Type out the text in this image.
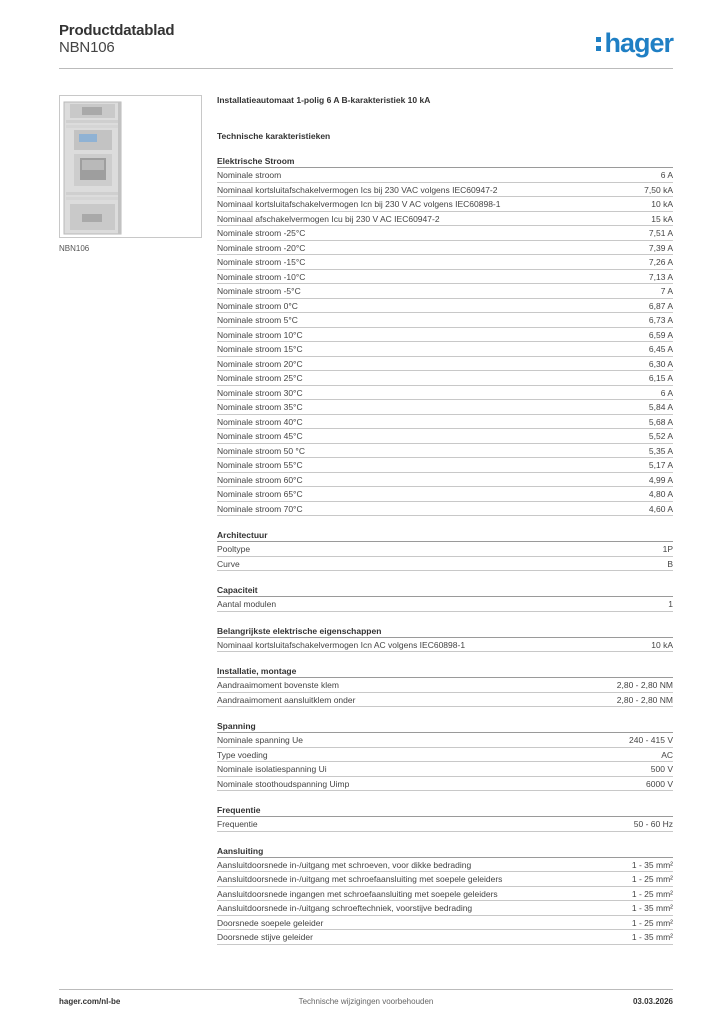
Productdatablad
NBN106	hager
NBN106
Installatieautomaat 1-polig 6 A B-karakteristiek 10 kA
Technische karakteristieken
Elektrische Stroom
Nominale stroom	6 A
Nominaal kortsluitafschakelvermogen Ics bij 230 VAC volgens IEC60947-2	7,50 kA
Nominaal kortsluitafschakelvermogen Icn bij 230 V AC volgens IEC60898-1	10 kA
Nominaal afschakelvermogen Icu bij 230 V AC IEC60947-2	15 kA
Nominale stroom -25°C	7,51 A
Nominale stroom -20°C	7,39 A
Nominale stroom -15°C	7,26 A
Nominale stroom -10°C	7,13 A
Nominale stroom -5°C	7 A
Nominale stroom 0°C	6,87 A
Nominale stroom 5°C	6,73 A
Nominale stroom 10°C	6,59 A
Nominale stroom 15°C	6,45 A
Nominale stroom 20°C	6,30 A
Nominale stroom 25°C	6,15 A
Nominale stroom 30°C	6 A
Nominale stroom 35°C	5,84 A
Nominale stroom 40°C	5,68 A
Nominale stroom 45°C	5,52 A
Nominale stroom 50 °C	5,35 A
Nominale stroom 55°C	5,17 A
Nominale stroom 60°C	4,99 A
Nominale stroom 65°C	4,80 A
Nominale stroom 70°C	4,60 A
Architectuur
Pooltype	1P
Curve	B
Capaciteit
Aantal modulen	1
Belangrijkste elektrische eigenschappen
Nominaal kortsluitafschakelvermogen Icn AC volgens IEC60898-1	10 kA
Installatie, montage
Aandraaimoment bovenste klem	2,80 - 2,80 NM
Aandraaimoment aansluitklem onder	2,80 - 2,80 NM
Spanning
Nominale spanning Ue	240 - 415 V
Type voeding	AC
Nominale isolatiespanning Ui	500 V
Nominale stoothoudspanning Uimp	6000 V
Frequentie
Frequentie	50 - 60 Hz
Aansluiting
Aansluitdoorsnede in-/uitgang met schroeven, voor dikke bedrading	1 - 35 mm²
Aansluitdoorsnede in-/uitgang met schroefaansluiting met soepele geleiders	1 - 25 mm²
Aansluitdoorsnede ingangen met schroefaansluiting met soepele geleiders	1 - 25 mm²
Aansluitdoorsnede in-/uitgang schroeftechniek, voorstijve bedrading	1 - 35 mm²
Doorsnede soepele geleider	1 - 25 mm²
Doorsnede stijve geleider	1 - 35 mm²
hager.com/nl-be	Technische wijzigingen voorbehouden	03.03.2026
